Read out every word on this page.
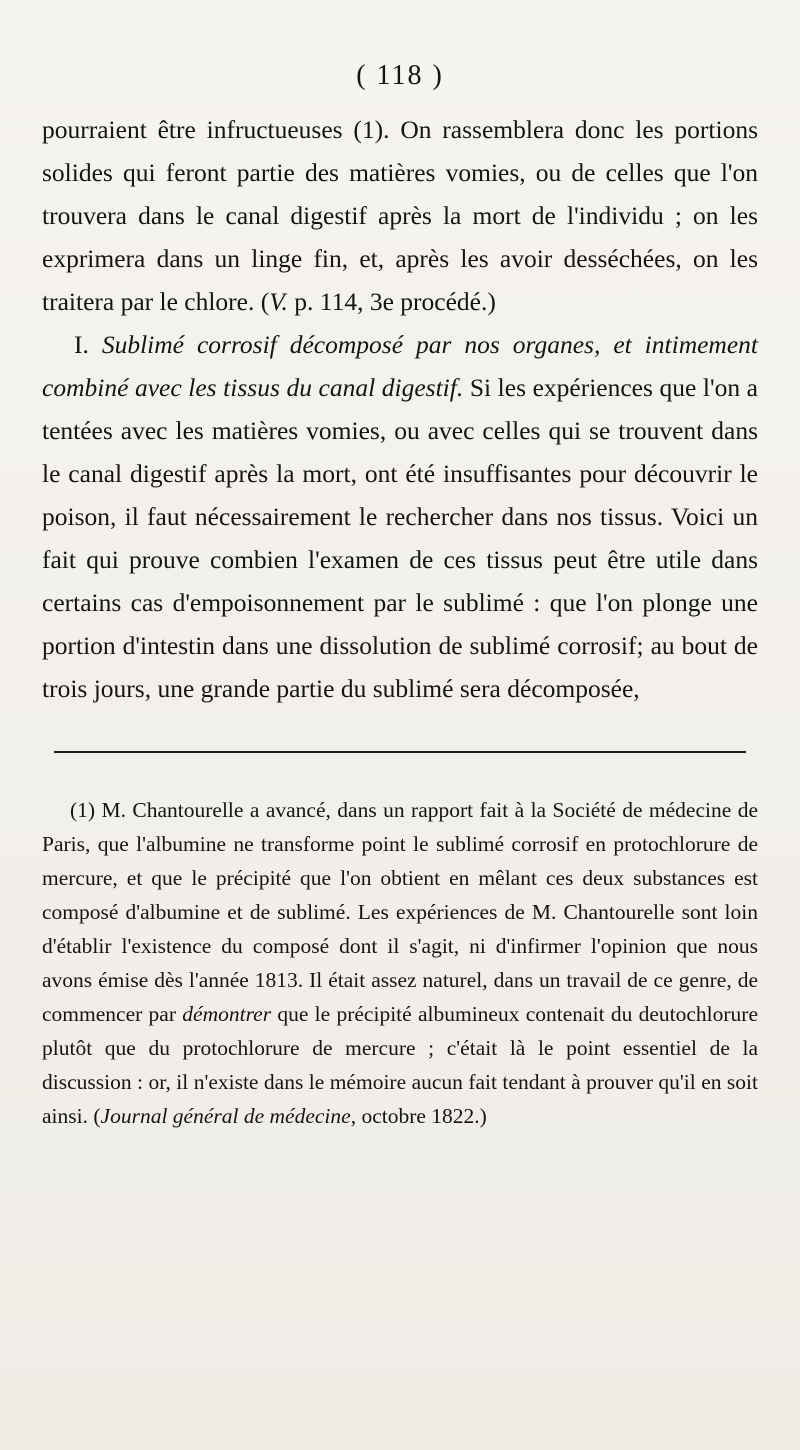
( 118 )

pourraient être infructueuses (1). On rassemblera donc les portions solides qui feront partie des matières vomies, ou de celles que l'on trouvera dans le canal digestif après la mort de l'individu ; on les exprimera dans un linge fin, et, après les avoir desséchées, on les traitera par le chlore. (V. p. 114, 3e procédé.)

I. Sublimé corrosif décomposé par nos organes, et intimement combiné avec les tissus du canal digestif. Si les expériences que l'on a tentées avec les matières vomies, ou avec celles qui se trouvent dans le canal digestif après la mort, ont été insuffisantes pour découvrir le poison, il faut nécessairement le rechercher dans nos tissus. Voici un fait qui prouve combien l'examen de ces tissus peut être utile dans certains cas d'empoisonnement par le sublimé : que l'on plonge une portion d'intestin dans une dissolution de sublimé corrosif; au bout de trois jours, une grande partie du sublimé sera décomposée,

(1) M. Chantourelle a avancé, dans un rapport fait à la Société de médecine de Paris, que l'albumine ne transforme point le sublimé corrosif en protochlorure de mercure, et que le précipité que l'on obtient en mêlant ces deux substances est composé d'albumine et de sublimé. Les expériences de M. Chantourelle sont loin d'établir l'existence du composé dont il s'agit, ni d'infirmer l'opinion que nous avons émise dès l'année 1813. Il était assez naturel, dans un travail de ce genre, de commencer par démontrer que le précipité albumineux contenait du deutochlorure plutôt que du protochlorure de mercure ; c'était là le point essentiel de la discussion : or, il n'existe dans le mémoire aucun fait tendant à prouver qu'il en soit ainsi. (Journal général de médecine, octobre 1822.)
